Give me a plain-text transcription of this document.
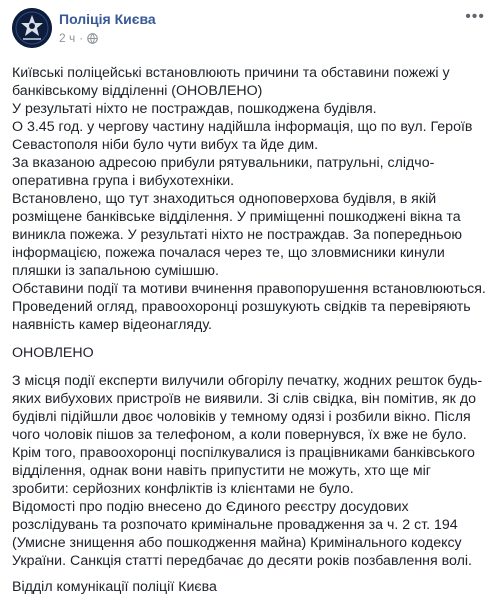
Поліція Києва
2 ч ·
•••

Київські поліцейські встановлюють причини та обставини пожежі у банківському відділенні (ОНОВЛЕНО)

У результаті ніхто не постраждав, пошкоджена будівля.

О 3.45 год. у чергову частину надійшла інформація, що по вул. Героїв Севастополя ніби було чути вибух та йде дим.

За вказаною адресою прибули рятувальники, патрульні, слідчо-оперативна група і вибухотехніки.

Встановлено, що тут знаходиться одноповерхова будівля, в якій розміщене банківське відділення. У приміщенні пошкоджені вікна та виникла пожежа. У результаті ніхто не постраждав. За попередньою інформацією, пожежа почалася через те, що зловмисники кинули пляшки із запальною сумішшю.

Обставини події та мотиви вчинення правопорушення встановлюються. Проведений огляд, правоохоронці розшукують свідків та перевіряють наявність камер відеонагляду.

ОНОВЛЕНО

З місця події експерти вилучили обгорілу печатку, жодних решток будь-яких вибухових пристроїв не виявили. Зі слів свідка, він помітив, як до будівлі підійшли двоє чоловіків у темному одязі і розбили вікно. Після чого чоловік пішов за телефоном, а коли повернувся, їх вже не було.

Крім того, правоохоронці поспілкувалися із працівниками банківського відділення, однак вони навіть припустити не можуть, хто ще міг зробити: серйозних конфліктів із клієнтами не було.

Відомості про подію внесено до Єдиного реєстру досудових розслідувань та розпочато кримінальне провадження за ч. 2 ст. 194 (Умисне знищення або пошкодження майна) Кримінального кодексу України. Санкція статті передбачає до десяти років позбавлення волі.

Відділ комунікації поліції Києва
